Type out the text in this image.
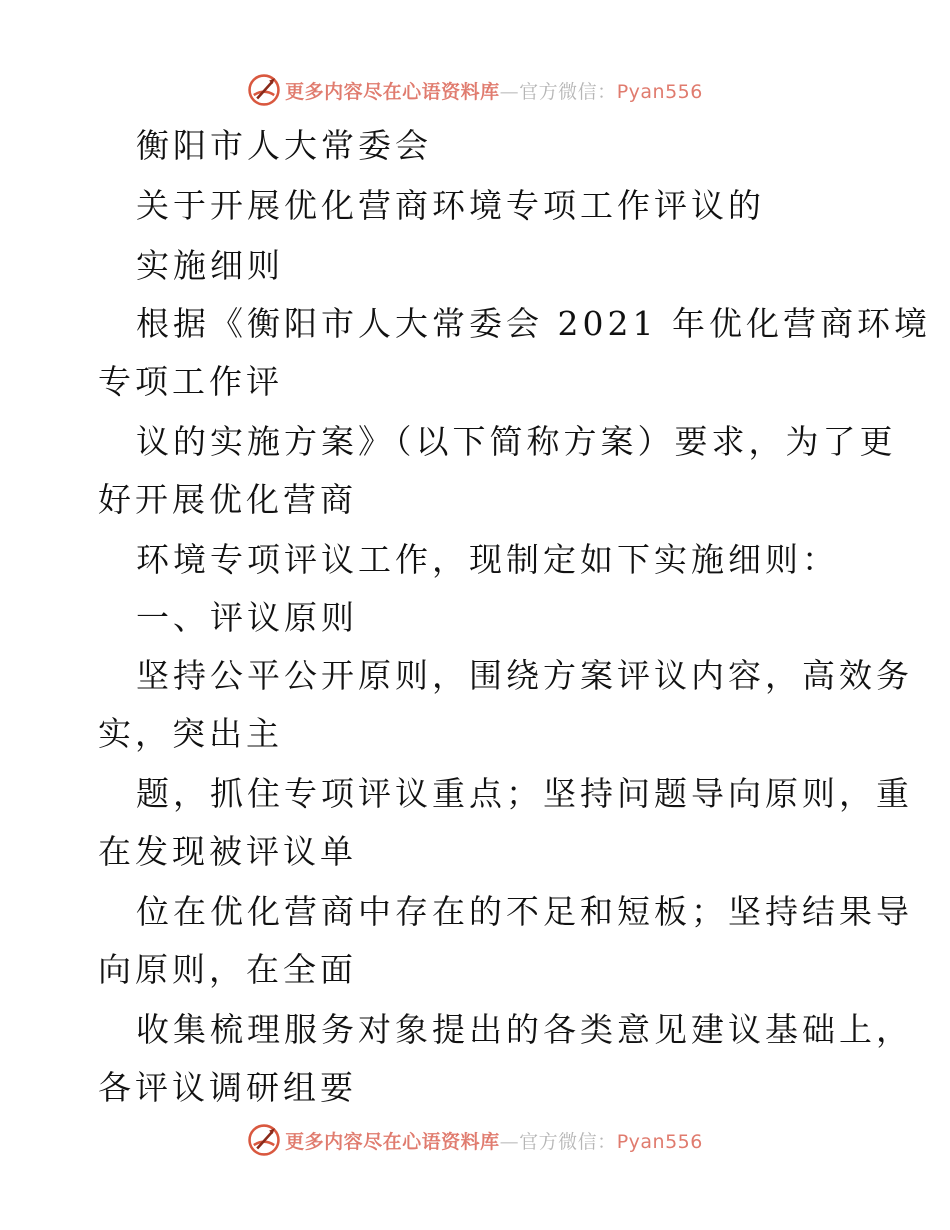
更多内容尽在心语资料库—官方微信：Pyan556
衡阳市人大常委会
关于开展优化营商环境专项工作评议的
实施细则
根据《衡阳市人大常委会 2021 年优化营商环境
专项工作评
议的实施方案》（以下简称方案）要求，为了更
好开展优化营商
环境专项评议工作，现制定如下实施细则：
一、评议原则
坚持公平公开原则，围绕方案评议内容，高效务
实，突出主
题，抓住专项评议重点；坚持问题导向原则，重
在发现被评议单
位在优化营商中存在的不足和短板；坚持结果导
向原则，在全面
收集梳理服务对象提出的各类意见建议基础上，
各评议调研组要
更多内容尽在心语资料库—官方微信：Pyan556
